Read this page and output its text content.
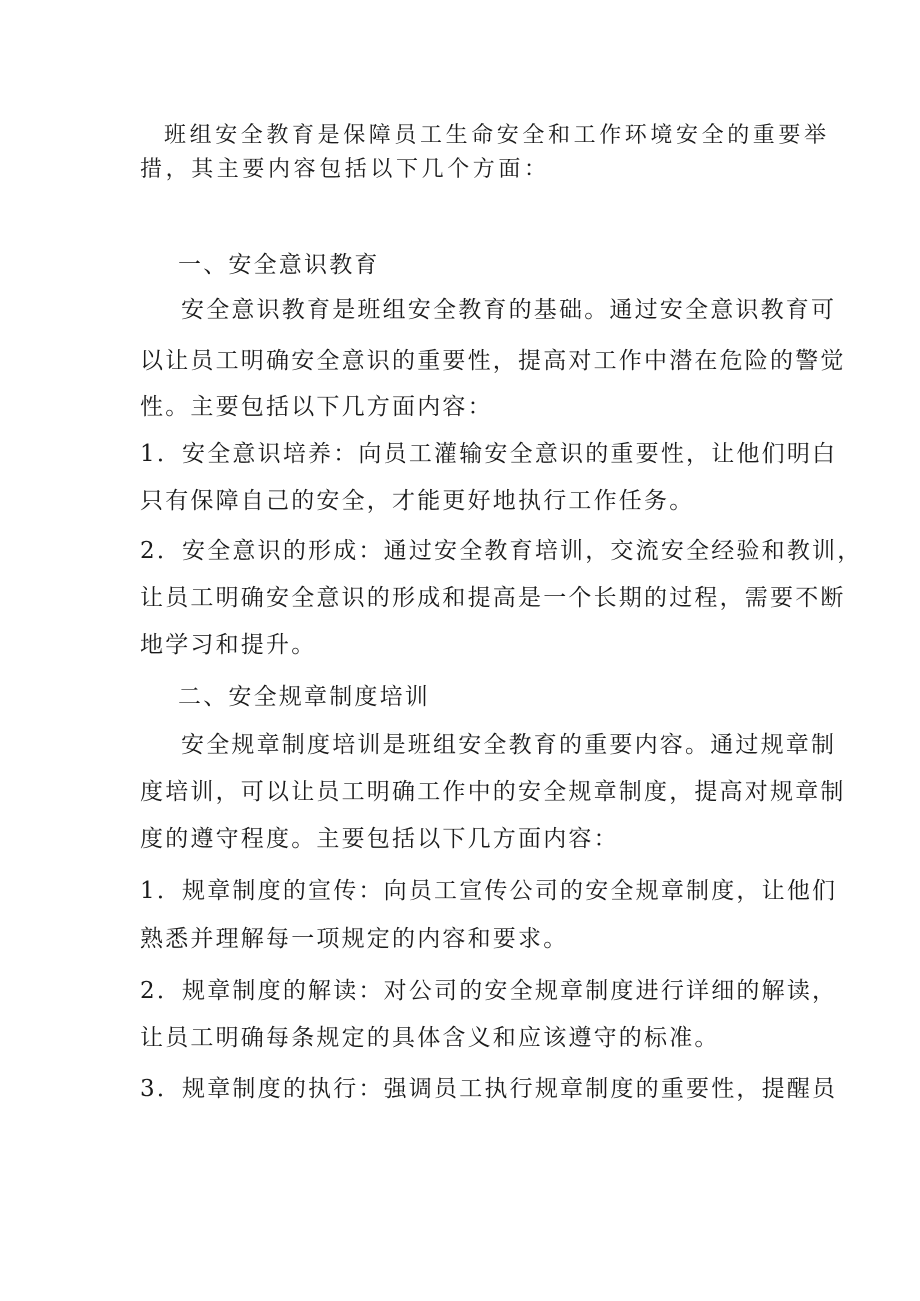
班组安全教育是保障员工生命安全和工作环境安全的重要举
措，其主要内容包括以下几个方面：
一、安全意识教育
安全意识教育是班组安全教育的基础。通过安全意识教育可
以让员工明确安全意识的重要性，提高对工作中潜在危险的警觉
性。主要包括以下几方面内容：
1．安全意识培养：向员工灌输安全意识的重要性，让他们明白
只有保障自己的安全，才能更好地执行工作任务。
2．安全意识的形成：通过安全教育培训，交流安全经验和教训，
让员工明确安全意识的形成和提高是一个长期的过程，需要不断
地学习和提升。
二、安全规章制度培训
安全规章制度培训是班组安全教育的重要内容。通过规章制
度培训，可以让员工明确工作中的安全规章制度，提高对规章制
度的遵守程度。主要包括以下几方面内容：
1．规章制度的宣传：向员工宣传公司的安全规章制度，让他们
熟悉并理解每一项规定的内容和要求。
2．规章制度的解读：对公司的安全规章制度进行详细的解读，
让员工明确每条规定的具体含义和应该遵守的标准。
3．规章制度的执行：强调员工执行规章制度的重要性，提醒员
